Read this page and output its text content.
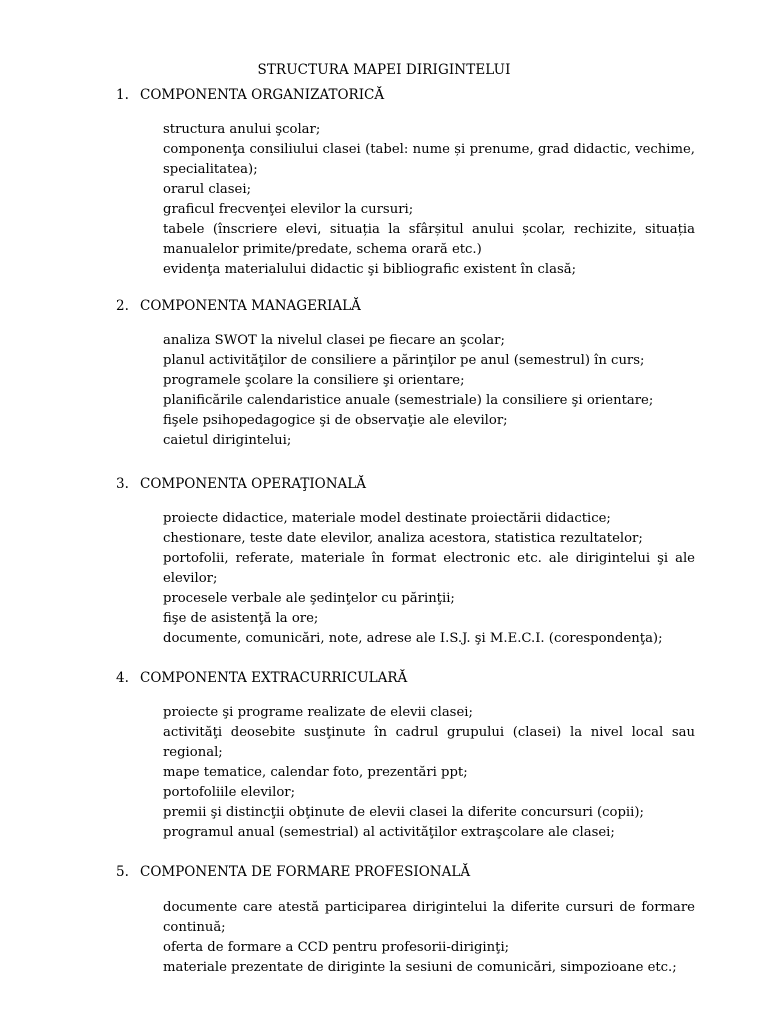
STRUCTURA MAPEI DIRIGINTELUI
1. COMPONENTA ORGANIZATORICĂ
structura anului şcolar;
componenţa consiliului clasei (tabel: nume și prenume, grad didactic, vechime, specialitatea);
orarul clasei;
graficul frecvenţei elevilor la cursuri;
tabele (înscriere elevi, situația la sfârșitul anului școlar, rechizite, situația manualelor primite/predate, schema orară etc.)
evidenţa materialului didactic şi bibliografic existent în clasă;
2. COMPONENTA MANAGERIALĂ
analiza SWOT la nivelul clasei pe fiecare an şcolar;
planul activităţilor de consiliere a părinţilor pe anul (semestrul) în curs;
programele şcolare la consiliere şi orientare;
planificările calendaristice anuale (semestriale) la consiliere şi orientare;
fişele psihopedagogice şi de observaţie ale elevilor;
caietul dirigintelui;
3. COMPONENTA OPERAŢIONALĂ
proiecte didactice, materiale model destinate proiectării didactice;
chestionare, teste date elevilor, analiza acestora, statistica rezultatelor;
portofolii, referate, materiale în format electronic etc. ale dirigintelui şi ale elevilor;
procesele verbale ale şedinţelor cu părinţii;
fişe de asistenţă la ore;
documente, comunicări, note, adrese ale I.S.J. şi M.E.C.I. (corespondenţa);
4. COMPONENTA EXTRACURRICULARĂ
proiecte şi programe realizate de elevii clasei;
activităţi deosebite susţinute în cadrul grupului (clasei) la nivel local sau regional;
mape tematice, calendar foto, prezentări ppt;
portofoliile elevilor;
premii şi distincţii obţinute de elevii clasei la diferite concursuri (copii);
programul anual (semestrial) al activităţilor extraşcolare ale clasei;
5. COMPONENTA DE FORMARE PROFESIONALĂ
documente care atestă participarea dirigintelui la diferite cursuri de formare continuă;
oferta de formare a CCD pentru profesorii-diriginţi;
materiale prezentate de diriginte la sesiuni de comunicări, simpozioane etc.;
